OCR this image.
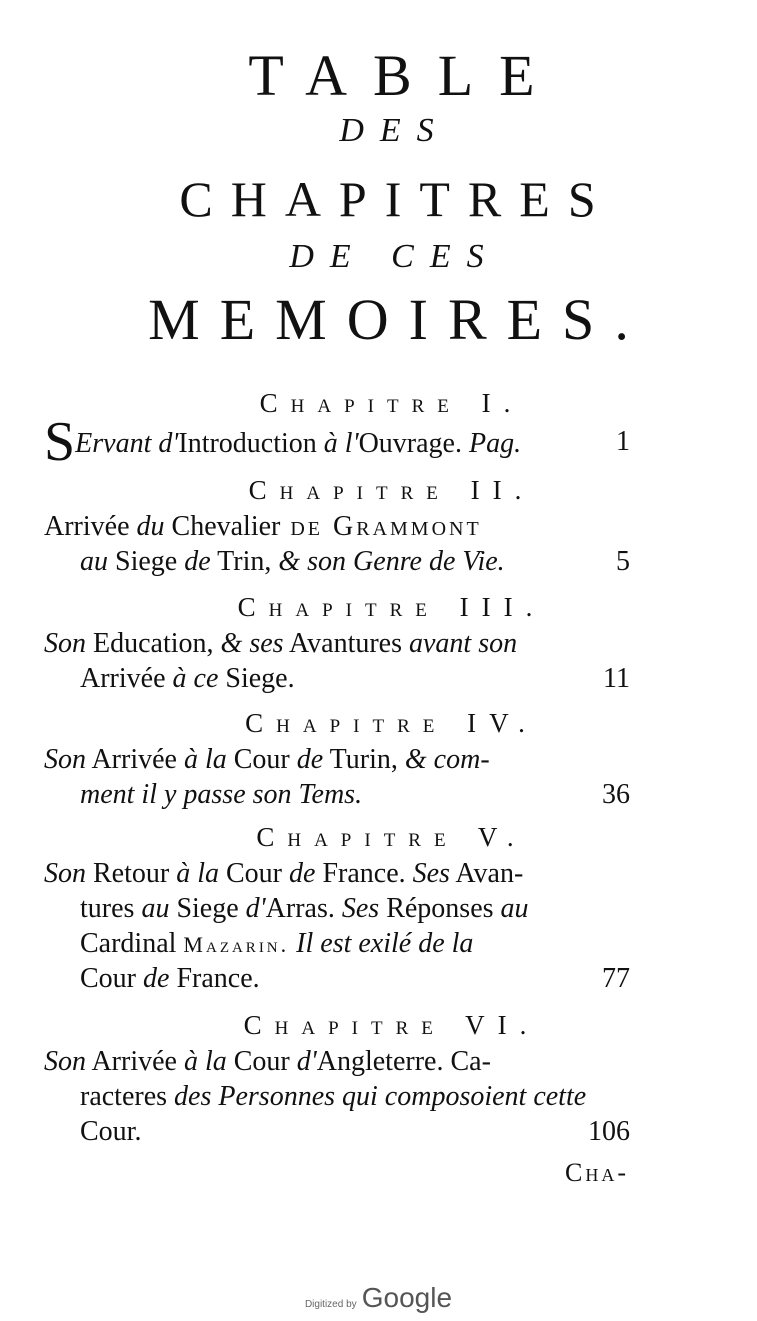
TABLE
DES
CHAPITRES
DE CES
MEMOIRES.
Chapitre I.
SErvant d'Introduction à l'Ouvrage. Pag.	1
Chapitre II.
Arrivée du Chevalier de Grammont
au Siege de Trin, & son Genre de Vie.	5
Chapitre III.
Son Education, & ses Avantures avant son
Arrivée à ce Siege.	11
Chapitre IV.
Son Arrivée à la Cour de Turin, & com-
ment il y passe son Tems.	36
Chapitre V.
Son Retour à la Cour de France. Ses Avan-
tures au Siege d'Arras. Ses Réponses au
Cardinal Mazarin. Il est exilé de la
Cour de France.	77
Chapitre VI.
Son Arrivée à la Cour d'Angleterre. Ca-
racteres des Personnes qui composoient cette
Cour.	106
Cha-
Digitized by Google
